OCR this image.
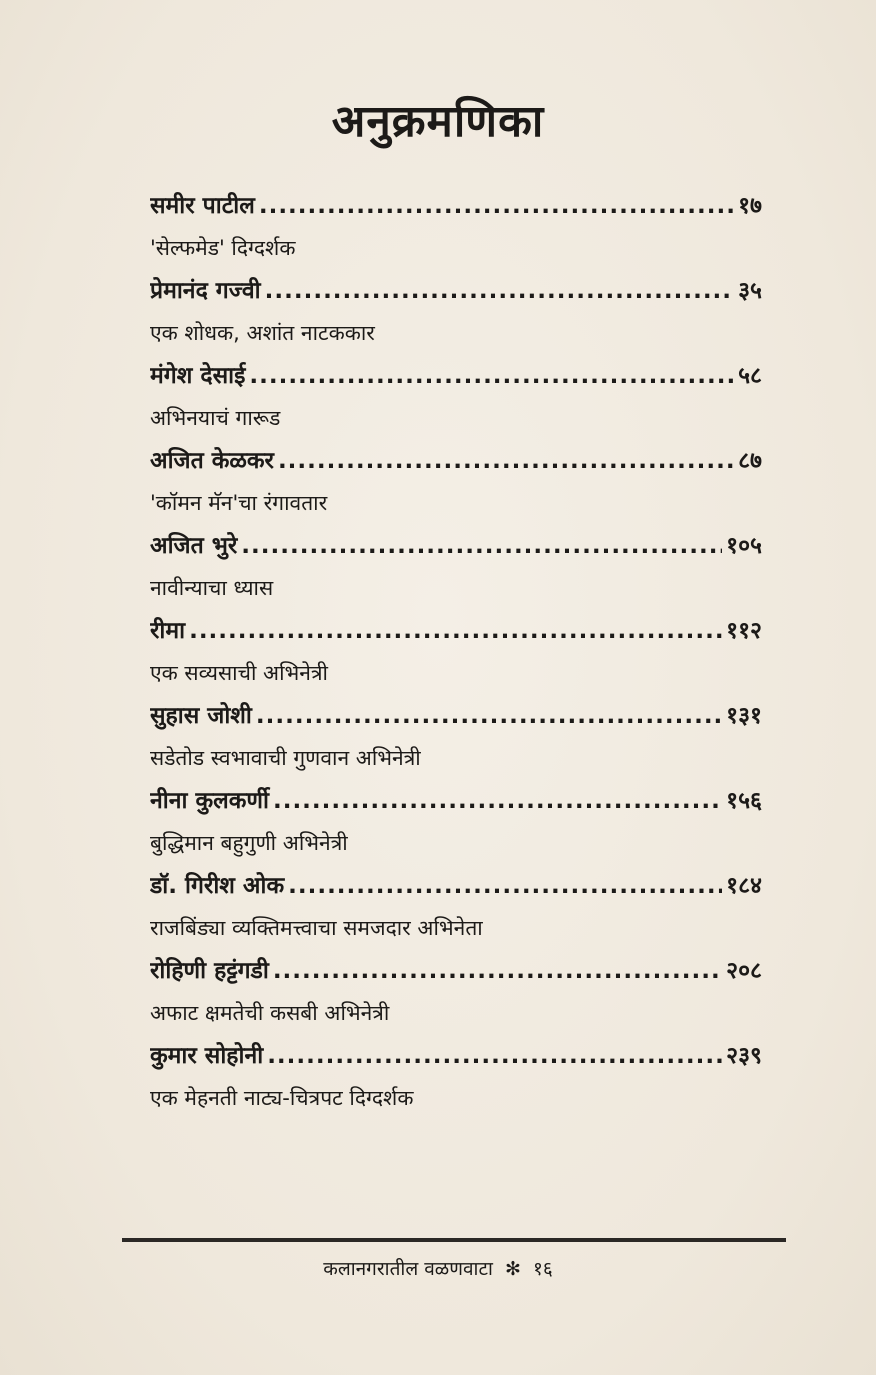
अनुक्रमणिका
समीर पाटील .....	१७
'सेल्फमेड' दिग्दर्शक
प्रेमानंद गज्वी .....	३५
एक शोधक, अशांत नाटककार
मंगेश देसाई .....	५८
अभिनयाचं गारूड
अजित केळकर .....	८७
'कॉमन मॅन'चा रंगावतार
अजित भुरे .....	१०५
नावीन्याचा ध्यास
रीमा .....	११२
एक सव्यसाची अभिनेत्री
सुहास जोशी .....	१३१
सडेतोड स्वभावाची गुणवान अभिनेत्री
नीना कुलकर्णी .....	१५६
बुद्धिमान बहुगुणी अभिनेत्री
डॉ. गिरीश ओक .....	१८४
राजबिंड्या व्यक्तिमत्त्वाचा समजदार अभिनेता
रोहिणी हट्टंगडी .....	२०८
अफाट क्षमतेची कसबी अभिनेत्री
कुमार सोहोनी .....	२३९
एक मेहनती नाट्य-चित्रपट दिग्दर्शक
कलानगरातील वळणवाटा ✻ १६
